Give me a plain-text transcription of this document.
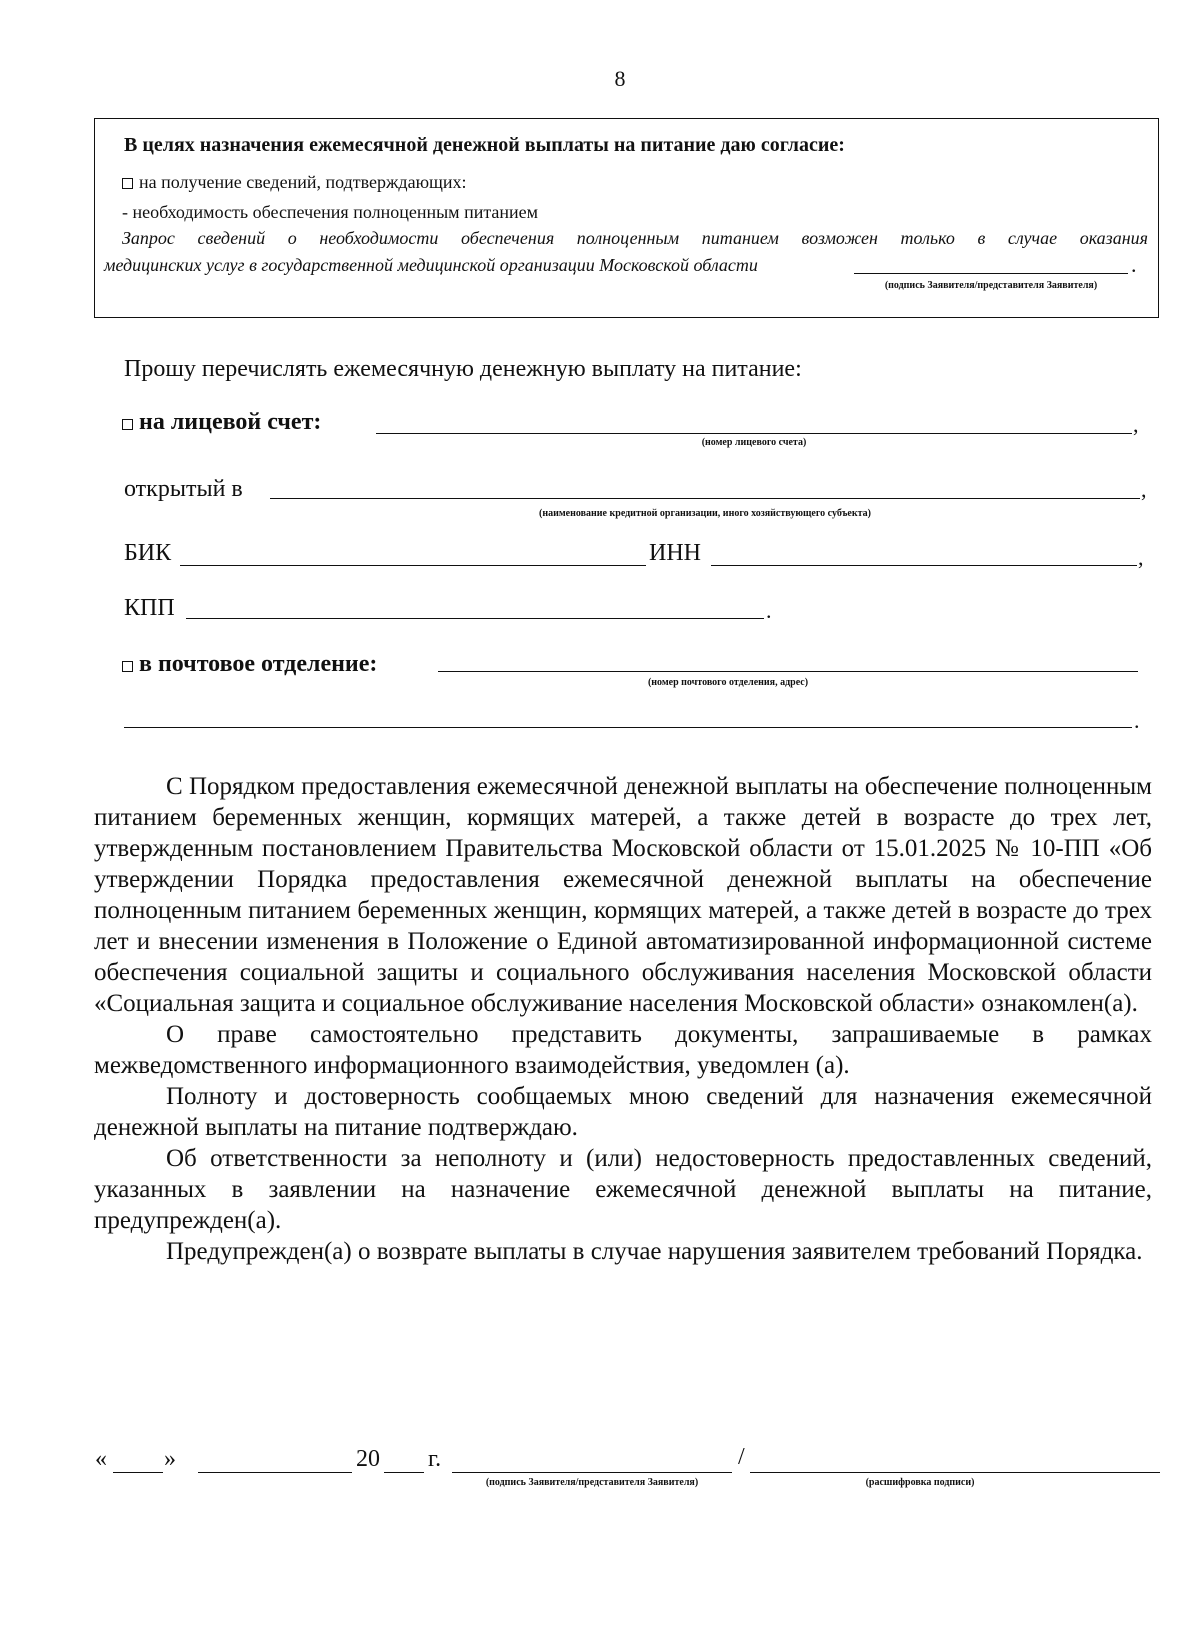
8
В целях назначения ежемесячной денежной выплаты на питание даю согласие:
на получение сведений, подтверждающих:
- необходимость обеспечения полноценным питанием
Запрос сведений о необходимости обеспечения полноценным питанием возможен только в случае оказания
медицинских услуг в государственной медицинской организации Московской области	.
(подпись Заявителя/представителя Заявителя)
Прошу перечислять ежемесячную денежную выплату на питание:
на лицевой счет:	,
(номер лицевого счета)
открытый в	,
(наименование кредитной организации, иного хозяйствующего субъекта)
БИК	ИНН	,
КПП	.
в почтовое отделение:
(номер почтового отделения, адрес)
.

С Порядком предоставления ежемесячной денежной выплаты на обеспечение полноценным питанием беременных женщин, кормящих матерей, а также детей в возрасте до трех лет, утвержденным постановлением Правительства Московской области от 15.01.2025 № 10-ПП «Об утверждении Порядка предоставления ежемесячной денежной выплаты на обеспечение полноценным питанием беременных женщин, кормящих матерей, а также детей в возрасте до трех лет и внесении изменения в Положение о Единой автоматизированной информационной системе обеспечения социальной защиты и социального обслуживания населения Московской области «Социальная защита и социальное обслуживание населения Московской области» ознакомлен(а).

О праве самостоятельно представить документы, запрашиваемые в рамках межведомственного информационного взаимодействия, уведомлен (а).

Полноту и достоверность сообщаемых мною сведений для назначения ежемесячной денежной выплаты на питание подтверждаю.

Об ответственности за неполноту и (или) недостоверность предоставленных сведений, указанных в заявлении на назначение ежемесячной денежной выплаты на питание, предупрежден(а).

Предупрежден(а) о возврате выплаты в случае нарушения заявителем требований Порядка.

« »	20 г.
(подпись Заявителя/представителя Заявителя)
/
(расшифровка подписи)
